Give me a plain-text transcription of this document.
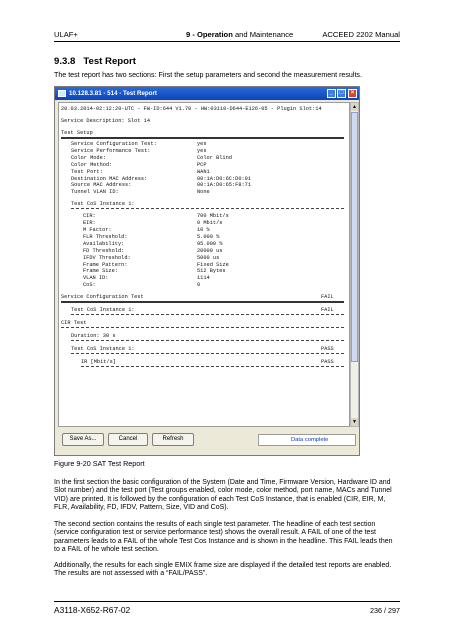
ULAF+	9 - Operation and Maintenance	ACCEED 2202 Manual
9.3.8 Test Report
The test report has two sections: First the setup parameters and second the measurement results.
10.128.3.81 - 514 - Test Report	_	□	×
20.03.2014-02:12:20-UTC - FW-ID:644 V1.70 - HW:03110-D644-E126-05 - Plugin Slot:14
Service Description: Slot 14
Test Setup
Service Configuration Test:	yes
Service Performance Test:	yes
Color Mode:	Color Blind
Color Method:	PCP
Test Port:	WAN1
Destination MAC Address:	00:1A:D0:6C:D0:01
Source MAC Address:	00:1A:D0:65:F8:71
Tunnel VLAN ID:	None
Test CoS Instance 1:
CIR:	700 Mbit/s
EIR:	0 Mbit/s
M Factor:	10 %
FLR Threshold:	5.000 %
Availability:	95.000 %
FD Threshold:	20000 us
IFDV Threshold:	5000 us
Frame Pattern:	Fixed Size
Frame Size:	512 Bytes
VLAN ID:	1114
CoS:	0
Service Configuration Test	FAIL
Test CoS Instance 1:	FAIL
CIR Test
Duration: 30 s
Test CoS Instance 1:	PASS
IR [Mbit/s]	PASS
▲
▼
Save As...	Cancel	Refresh	Data complete
Figure 9-20 SAT Test Report
In the first section the basic configuration of the System (Date and Time, Firmware Version, Hardware ID and Slot number) and the test port (Test groups enabled, color mode, color method, port name, MACs and Tunnel VID) are printed. It is followed by the configuration of each Test CoS Instance, that is enabled (CIR, EIR, M, FLR, Availability, FD, IFDV, Pattern, Size, VID and CoS).
The second section contains the results of each single test parameter. The headline of each test section (service configuration test or service performance test) shows the overall result. A FAIL of one of the test parameters leads to a FAIL of the whole Test Cos Instance and is shown in the headline. This FAIL leads then to a FAIL of he whole test section.
Additionally, the results for each single EMIX frame size are displayed if the detailed test reports are enabled. The results are not assessed with a “FAIL/PASS”.
A3118-X652-R67-02	236 / 297
